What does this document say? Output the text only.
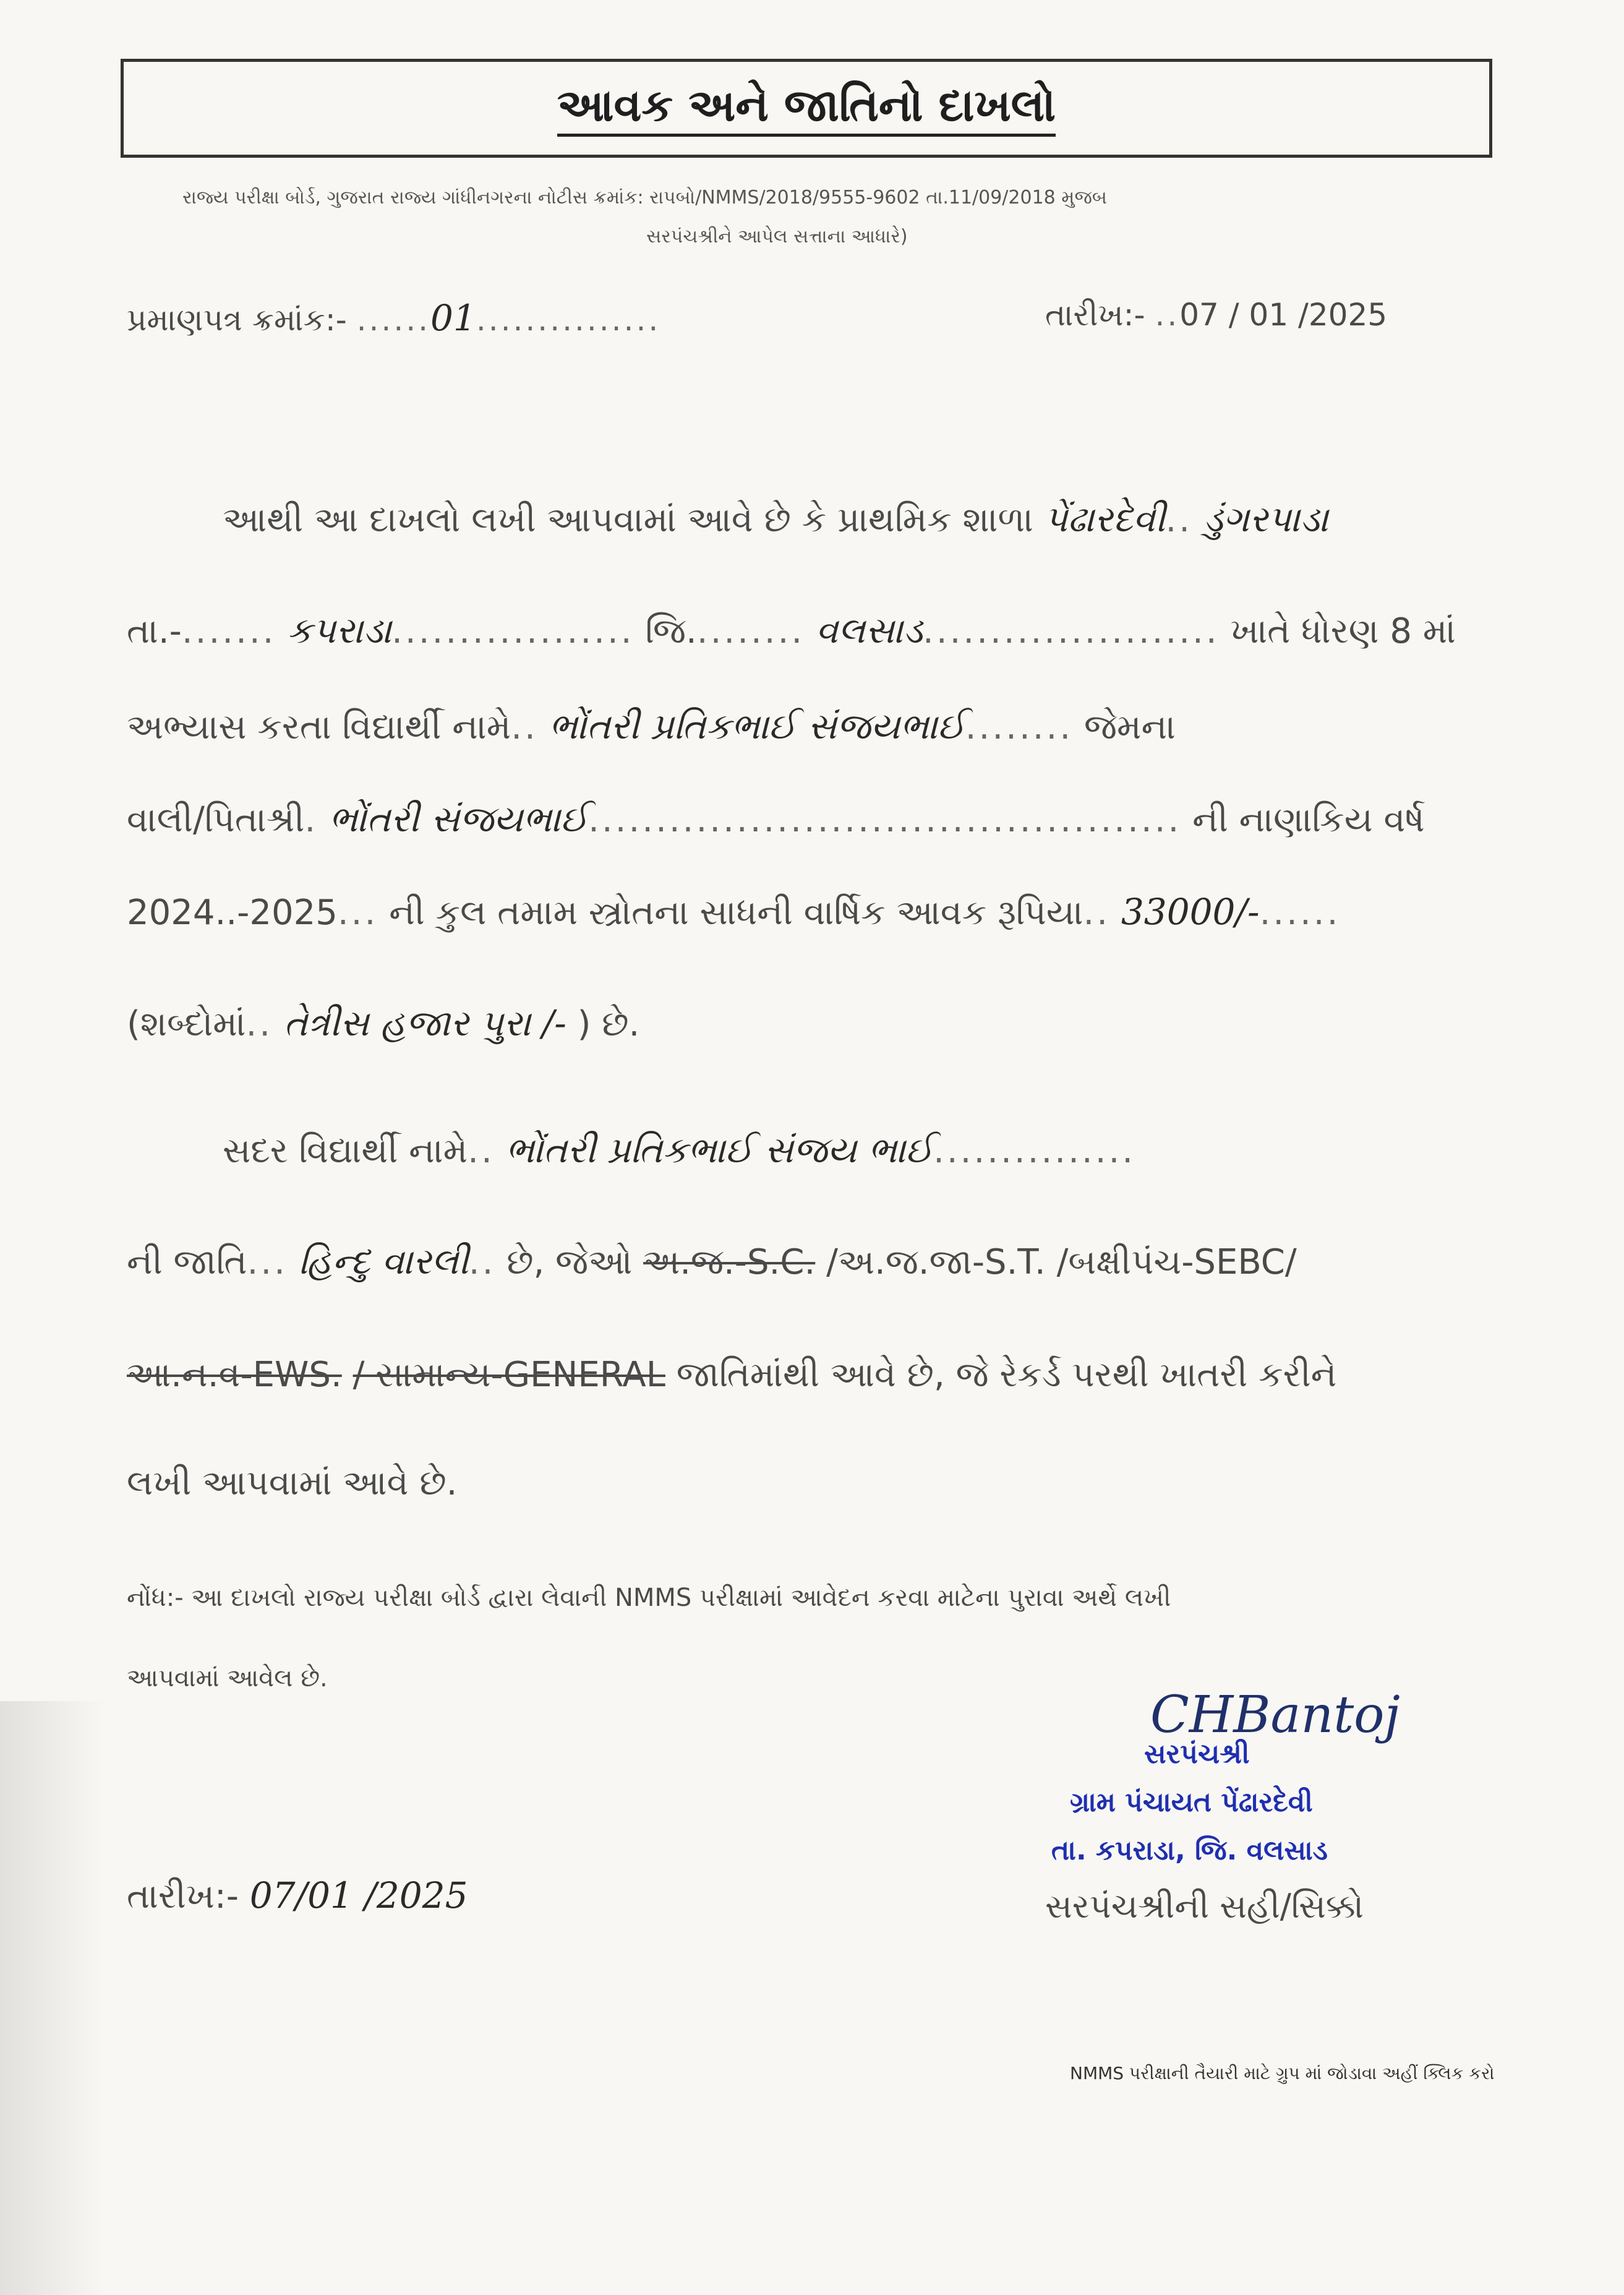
આવક અને જાતિનો દાખલો
રાજ્ય પરીક્ષા બોર્ડ, ગુજરાત રાજ્ય ગાંધીનગરના નોટીસ ક્રમાંક: રાપબો/NMMS/2018/9555-9602 તા.11/09/2018 મુજબ
સરપંચશ્રીને આપેલ સત્તાના આધારે)
પ્રમાણપત્ર ક્રમાંક:- ......01...............	તારીખ:- ..07 / 01 /2025
આથી આ દાખલો લખી આપવામાં આવે છે કે પ્રાથમિક શાળા પેંઢારદેવી.. ડુંગરપાડા
તા.-....... કપરાડા.................. જિ......... વલસાડ...................... ખાતે ધોરણ 8 માં
અભ્યાસ કરતા વિદ્યાર્થી નામે.. ભોંતરી પ્રતિકભાઈ સંજયભાઈ........ જેમના
વાલી/પિતાશ્રી. ભોંતરી સંજયભાઈ............................................ ની નાણાકિય વર્ષ
2024..-2025... ની કુલ તમામ સ્ત્રોતના સાધની વાર્ષિક આવક રૂપિયા.. 33000/-......
(શબ્દોમાં.. તેત્રીસ હજાર પુરા /- ) છે.
સદર વિદ્યાર્થી નામે.. ભોંતરી પ્રતિકભાઈ સંજય ભાઈ...............
ની જાતિ... હિન્દુ વારલી.. છે, જેઓ અ.જ.-S.C. /અ.જ.જા-S.T. /બક્ષીપંચ-SEBC/
આ.ન.વ-EWS. / સામાન્ય-GENERAL જાતિમાંથી આવે છે, જે રેકર્ડ પરથી ખાતરી કરીને
લખી આપવામાં આવે છે.
નોંધ:- આ દાખલો રાજ્ય પરીક્ષા બોર્ડ દ્વારા લેવાની NMMS પરીક્ષામાં આવેદન કરવા માટેના પુરાવા અર્થે લખી
આપવામાં આવેલ છે.
CHBantoj
સરપંચશ્રી
ગ્રામ પંચાયત પેંઢારદેવી
તા. કપરાડા, જિ. વલસાડ
સરપંચશ્રીની સહી/સિક્કો
તારીખ:- 07/01 /2025
NMMS પરીક્ષાની તૈયારી માટે ગ્રુપ માં જોડાવા અહીં ક્લિક કરો
